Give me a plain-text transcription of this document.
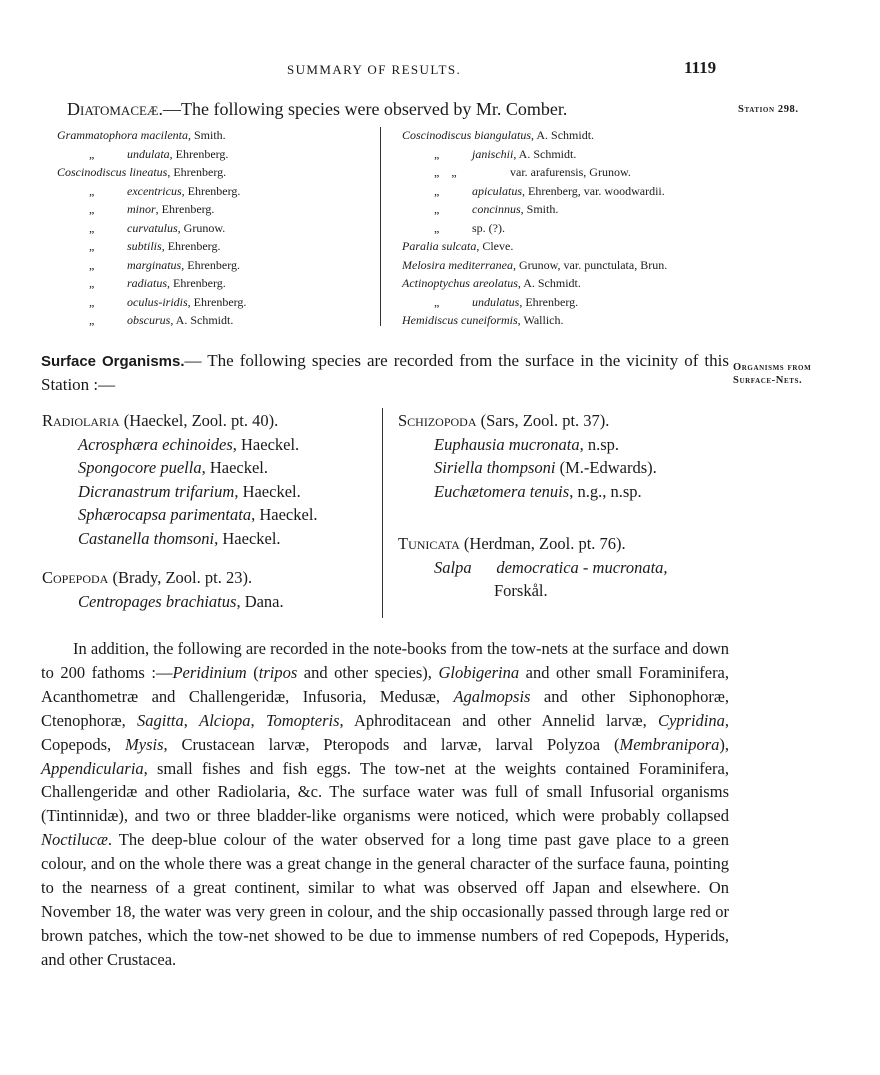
SUMMARY OF RESULTS.	1119
Station 298.
Organisms from
Surface-Nets.
Diatomaceæ.—The following species were observed by Mr. Comber.
Grammatophora macilenta, Smith.
„	undulata, Ehrenberg.
Coscinodiscus lineatus, Ehrenberg.
„	excentricus, Ehrenberg.
„	minor, Ehrenberg.
„	curvatulus, Grunow.
„	subtilis, Ehrenberg.
„	marginatus, Ehrenberg.
„	radiatus, Ehrenberg.
„	oculus-iridis, Ehrenberg.
„	obscurus, A. Schmidt.
Coscinodiscus biangulatus, A. Schmidt.
„	janischii, A. Schmidt.
„    „	var. arafurensis, Grunow.
„	apiculatus, Ehrenberg, var. woodwardii.
„	concinnus, Smith.
„	sp. (?).
Paralia sulcata, Cleve.
Melosira mediterranea, Grunow, var. punctulata, Brun.
Actinoptychus areolatus, A. Schmidt.
„	undulatus, Ehrenberg.
Hemidiscus cuneiformis, Wallich.
Surface Organisms.— The following species are recorded from the surface in the vicinity of this Station :—
Radiolaria (Haeckel, Zool. pt. 40).
Acrosphæra echinoides, Haeckel.
Spongocore puella, Haeckel.
Dicranastrum trifarium, Haeckel.
Sphærocapsa parimentata, Haeckel.
Castanella thomsoni, Haeckel.
Copepoda (Brady, Zool. pt. 23).
Centropages brachiatus, Dana.
Schizopoda (Sars, Zool. pt. 37).
Euphausia mucronata, n.sp.
Siriella thompsoni (M.-Edwards).
Euchætomera tenuis, n.g., n.sp.
Tunicata (Herdman, Zool. pt. 76).
Salpa      democratica - mucronata,
Forskål.
In addition, the following are recorded in the note-books from the tow-nets at the surface and down to 200 fathoms :—Peridinium (tripos and other species), Globigerina and other small Foraminifera, Acanthometræ and Challengeridæ, Infusoria, Medusæ, Agalmopsis and other Siphonophoræ, Ctenophoræ, Sagitta, Alciopa, Tomopteris, Aphroditacean and other Annelid larvæ, Cypridina, Copepods, Mysis, Crustacean larvæ, Pteropods and larvæ, larval Polyzoa (Membranipora), Appendicularia, small fishes and fish eggs. The tow-net at the weights contained Foraminifera, Challengeridæ and other Radiolaria, &c. The surface water was full of small Infusorial organisms (Tintinnidæ), and two or three bladder-like organisms were noticed, which were probably collapsed Noctilucæ. The deep-blue colour of the water observed for a long time past gave place to a green colour, and on the whole there was a great change in the general character of the surface fauna, pointing to the nearness of a great continent, similar to what was observed off Japan and elsewhere. On November 18, the water was very green in colour, and the ship occasionally passed through large red or brown patches, which the tow-net showed to be due to immense numbers of red Copepods, Hyperids, and other Crustacea.
